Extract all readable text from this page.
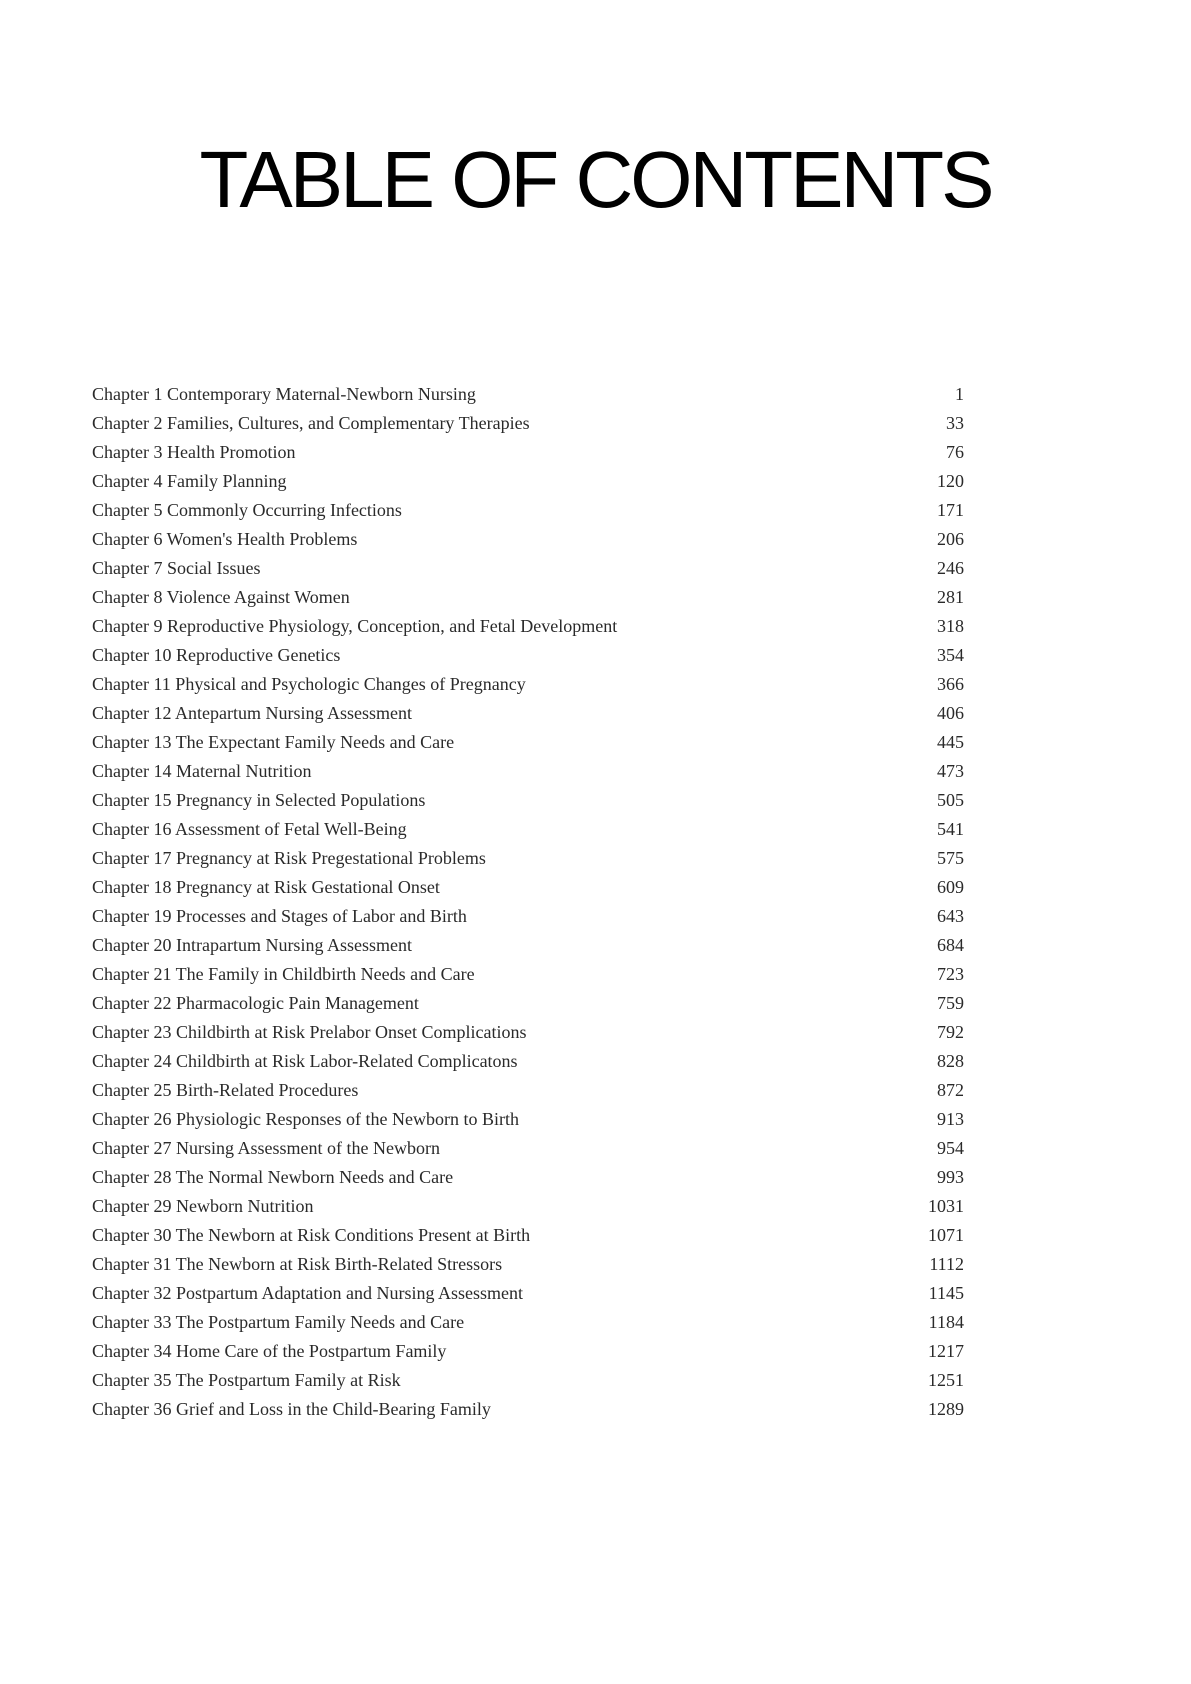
TABLE OF CONTENTS
Chapter 1 Contemporary Maternal-Newborn Nursing	1
Chapter 2 Families, Cultures, and Complementary Therapies	33
Chapter 3 Health Promotion	76
Chapter 4 Family Planning	120
Chapter 5 Commonly Occurring Infections	171
Chapter 6 Women's Health Problems	206
Chapter 7 Social Issues	246
Chapter 8 Violence Against Women	281
Chapter 9 Reproductive Physiology, Conception, and Fetal Development	318
Chapter 10 Reproductive Genetics	354
Chapter 11 Physical and Psychologic Changes of Pregnancy	366
Chapter 12 Antepartum Nursing Assessment	406
Chapter 13 The Expectant Family Needs and Care	445
Chapter 14 Maternal Nutrition	473
Chapter 15 Pregnancy in Selected Populations	505
Chapter 16 Assessment of Fetal Well-Being	541
Chapter 17 Pregnancy at Risk Pregestational Problems	575
Chapter 18 Pregnancy at Risk Gestational Onset	609
Chapter 19 Processes and Stages of Labor and Birth	643
Chapter 20 Intrapartum Nursing Assessment	684
Chapter 21 The Family in Childbirth Needs and Care	723
Chapter 22 Pharmacologic Pain Management	759
Chapter 23 Childbirth at Risk Prelabor Onset Complications	792
Chapter 24 Childbirth at Risk Labor-Related Complicatons	828
Chapter 25 Birth-Related Procedures	872
Chapter 26 Physiologic Responses of the Newborn to Birth	913
Chapter 27 Nursing Assessment of the Newborn	954
Chapter 28 The Normal Newborn Needs and Care	993
Chapter 29 Newborn Nutrition	1031
Chapter 30 The Newborn at Risk Conditions Present at Birth	1071
Chapter 31 The Newborn at Risk Birth-Related Stressors	1112
Chapter 32 Postpartum Adaptation and Nursing Assessment	1145
Chapter 33 The Postpartum Family Needs and Care	1184
Chapter 34 Home Care of the Postpartum Family	1217
Chapter 35 The Postpartum Family at Risk	1251
Chapter 36 Grief and Loss in the Child-Bearing Family	1289
